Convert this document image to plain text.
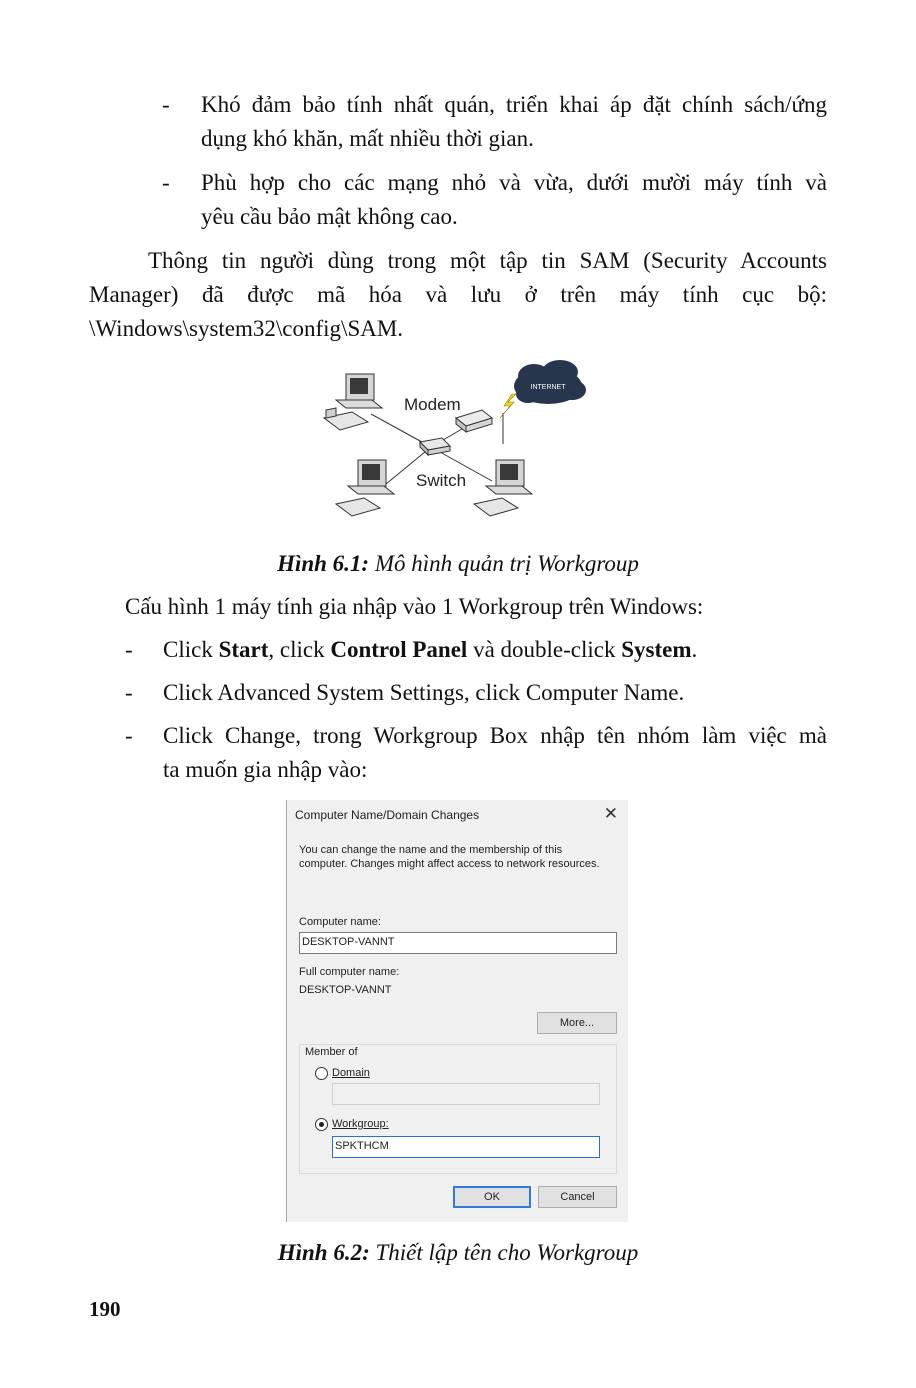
- Khó đảm bảo tính nhất quán, triển khai áp đặt chính sách/ứng
dụng khó khăn, mất nhiều thời gian.
- Phù hợp cho các mạng nhỏ và vừa, dưới mười máy tính và
yêu cầu bảo mật không cao.
Thông tin người dùng trong một tập tin SAM (Security Accounts
Manager) đã được mã hóa và lưu ở trên máy tính cục bộ:
\Windows\system32\config\SAM.
INTERNET
Modem
Switch
Hình 6.1: Mô hình quản trị Workgroup
Cấu hình 1 máy tính gia nhập vào 1 Workgroup trên Windows:
- Click Start, click Control Panel và double-click System.
- Click Advanced System Settings, click Computer Name.
- Click Change, trong Workgroup Box nhập tên nhóm làm việc mà
ta muốn gia nhập vào:
Computer Name/Domain Changes	✕
You can change the name and the membership of this
computer. Changes might affect access to network resources.
Computer name:
DESKTOP-VANNT
Full computer name:
DESKTOP-VANNT
More...
Member of
Domain
Workgroup:
SPKTHCM
OK	Cancel
Hình 6.2: Thiết lập tên cho Workgroup
190
